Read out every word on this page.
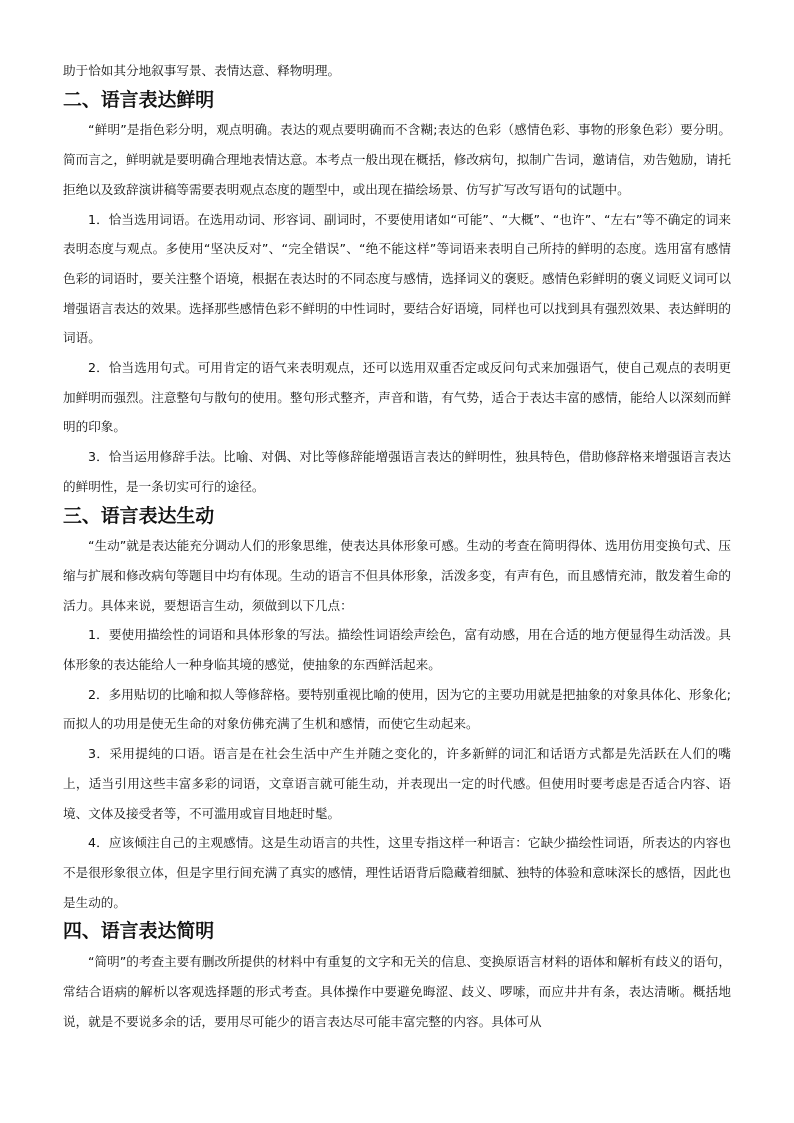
助于恰如其分地叙事写景、表情达意、释物明理。

二、语言表达鲜明

“鲜明”是指色彩分明，观点明确。表达的观点要明确而不含糊;表达的色彩（感情色彩、事物的形象色彩）要分明。简而言之，鲜明就是要明确合理地表情达意。本考点一般出现在概括，修改病句，拟制广告词，邀请信，劝告勉励，请托拒绝以及致辞演讲稿等需要表明观点态度的题型中，或出现在描绘场景、仿写扩写改写语句的试题中。

1．恰当选用词语。在选用动词、形容词、副词时，不要使用诸如“可能”、“大概”、“也许”、“左右”等不确定的词来表明态度与观点。多使用“坚决反对”、“完全错误”、“绝不能这样”等词语来表明自己所持的鲜明的态度。选用富有感情色彩的词语时，要关注整个语境，根据在表达时的不同态度与感情，选择词义的褒贬。感情色彩鲜明的褒义词贬义词可以增强语言表达的效果。选择那些感情色彩不鲜明的中性词时，要结合好语境，同样也可以找到具有强烈效果、表达鲜明的词语。

2．恰当选用句式。可用肯定的语气来表明观点，还可以选用双重否定或反问句式来加强语气，使自己观点的表明更加鲜明而强烈。注意整句与散句的使用。整句形式整齐，声音和谐，有气势，适合于表达丰富的感情，能给人以深刻而鲜明的印象。

3．恰当运用修辞手法。比喻、对偶、对比等修辞能增强语言表达的鲜明性，独具特色，借助修辞格来增强语言表达的鲜明性，是一条切实可行的途径。

三、语言表达生动

“生动”就是表达能充分调动人们的形象思维，使表达具体形象可感。生动的考查在简明得体、选用仿用变换句式、压缩与扩展和修改病句等题目中均有体现。生动的语言不但具体形象，活泼多变，有声有色，而且感情充沛，散发着生命的活力。具体来说，要想语言生动，须做到以下几点：

1．要使用描绘性的词语和具体形象的写法。描绘性词语绘声绘色，富有动感，用在合适的地方便显得生动活泼。具体形象的表达能给人一种身临其境的感觉，使抽象的东西鲜活起来。

2．多用贴切的比喻和拟人等修辞格。要特别重视比喻的使用，因为它的主要功用就是把抽象的对象具体化、形象化;而拟人的功用是使无生命的对象仿佛充满了生机和感情，而使它生动起来。

3．采用提纯的口语。语言是在社会生活中产生并随之变化的，许多新鲜的词汇和话语方式都是先活跃在人们的嘴上，适当引用这些丰富多彩的词语，文章语言就可能生动，并表现出一定的时代感。但使用时要考虑是否适合内容、语境、文体及接受者等，不可滥用或盲目地赶时髦。

4．应该倾注自己的主观感情。这是生动语言的共性，这里专指这样一种语言：它缺少描绘性词语，所表达的内容也不是很形象很立体，但是字里行间充满了真实的感情，理性话语背后隐藏着细腻、独特的体验和意味深长的感悟，因此也是生动的。

四、语言表达简明

“简明”的考查主要有删改所提供的材料中有重复的文字和无关的信息、变换原语言材料的语体和解析有歧义的语句，常结合语病的解析以客观选择题的形式考查。具体操作中要避免晦涩、歧义、啰嗦，而应井井有条，表达清晰。概括地说，就是不要说多余的话，要用尽可能少的语言表达尽可能丰富完整的内容。具体可从
